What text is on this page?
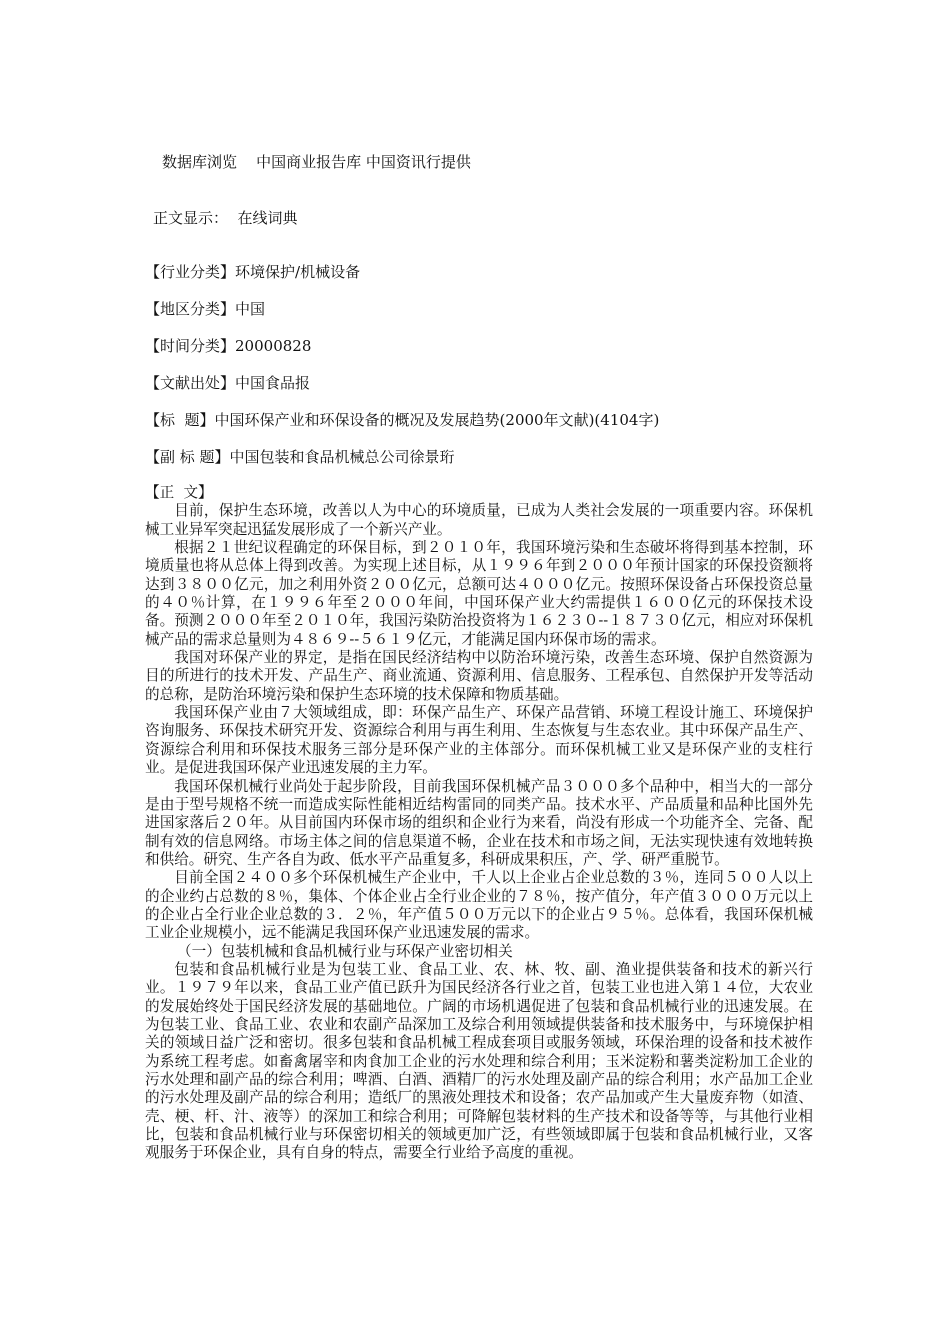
数据库浏览    中国商业报告库 中国资讯行提供
正文显示：  在线词典
【行业分类】环境保护/机械设备
【地区分类】中国
【时间分类】20000828
【文献出处】中国食品报
【标  题】中国环保产业和环保设备的概况及发展趋势(2000年文献)(4104字)
【副 标 题】中国包装和食品机械总公司徐景珩
【正  文】

目前，保护生态环境，改善以人为中心的环境质量，已成为人类社会发展的一项重要内容。环保机械工业异军突起迅猛发展形成了一个新兴产业。

根据２１世纪议程确定的环保目标，到２０１０年，我国环境污染和生态破坏将得到基本控制，环境质量也将从总体上得到改善。为实现上述目标，从１９９６年到２０００年预计国家的环保投资额将达到３８００亿元，加之利用外资２００亿元，总额可达４０００亿元。按照环保设备占环保投资总量的４０％计算，在１９９６年至２０００年间，中国环保产业大约需提供１６００亿元的环保技术设备。预测２０００年至２０１０年，我国污染防治投资将为１６２３０--１８７３０亿元，相应对环保机械产品的需求总量则为４８６９--５６１９亿元，才能满足国内环保市场的需求。

我国对环保产业的界定，是指在国民经济结构中以防治环境污染，改善生态环境、保护自然资源为目的所进行的技术开发、产品生产、商业流通、资源利用、信息服务、工程承包、自然保护开发等活动的总称，是防治环境污染和保护生态环境的技术保障和物质基础。

我国环保产业由７大领域组成，即：环保产品生产、环保产品营销、环境工程设计施工、环境保护咨询服务、环保技术研究开发、资源综合利用与再生利用、生态恢复与生态农业。其中环保产品生产、资源综合利用和环保技术服务三部分是环保产业的主体部分。而环保机械工业又是环保产业的支柱行业。是促进我国环保产业迅速发展的主力军。

我国环保机械行业尚处于起步阶段，目前我国环保机械产品３０００多个品种中，相当大的一部分是由于型号规格不统一而造成实际性能相近结构雷同的同类产品。技术水平、产品质量和品种比国外先进国家落后２０年。从目前国内环保市场的组织和企业行为来看，尚没有形成一个功能齐全、完备、配制有效的信息网络。市场主体之间的信息渠道不畅，企业在技术和市场之间，无法实现快速有效地转换和供给。研究、生产各自为政、低水平产品重复多，科研成果积压，产、学、研严重脱节。

目前全国２４００多个环保机械生产企业中，千人以上企业占企业总数的３％，连同５００人以上的企业约占总数的８％，集体、个体企业占全行业企业的７８％，按产值分，年产值３０００万元以上的企业占全行业企业总数的３．２％，年产值５００万元以下的企业占９５％。总体看，我国环保机械工业企业规模小，远不能满足我国环保产业迅速发展的需求。

（一）包装机械和食品机械行业与环保产业密切相关

包装和食品机械行业是为包装工业、食品工业、农、林、牧、副、渔业提供装备和技术的新兴行业。１９７９年以来，食品工业产值已跃升为国民经济各行业之首，包装工业也进入第１４位，大农业的发展始终处于国民经济发展的基础地位。广阔的市场机遇促进了包装和食品机械行业的迅速发展。在为包装工业、食品工业、农业和农副产品深加工及综合利用领域提供装备和技术服务中，与环境保护相关的领域日益广泛和密切。很多包装和食品机械工程成套项目或服务领域，环保治理的设备和技术被作为系统工程考虑。如畜禽屠宰和肉食加工企业的污水处理和综合利用；玉米淀粉和薯类淀粉加工企业的污水处理和副产品的综合利用；啤酒、白酒、酒精厂的污水处理及副产品的综合利用；水产品加工企业的污水处理及副产品的综合利用；造纸厂的黑液处理技术和设备；农产品加或产生大量废弃物（如渣、壳、梗、杆、汁、液等）的深加工和综合利用；可降解包装材料的生产技术和设备等等，与其他行业相比，包装和食品机械行业与环保密切相关的领域更加广泛，有些领域即属于包装和食品机械行业，又客观服务于环保企业，具有自身的特点，需要全行业给予高度的重视。
